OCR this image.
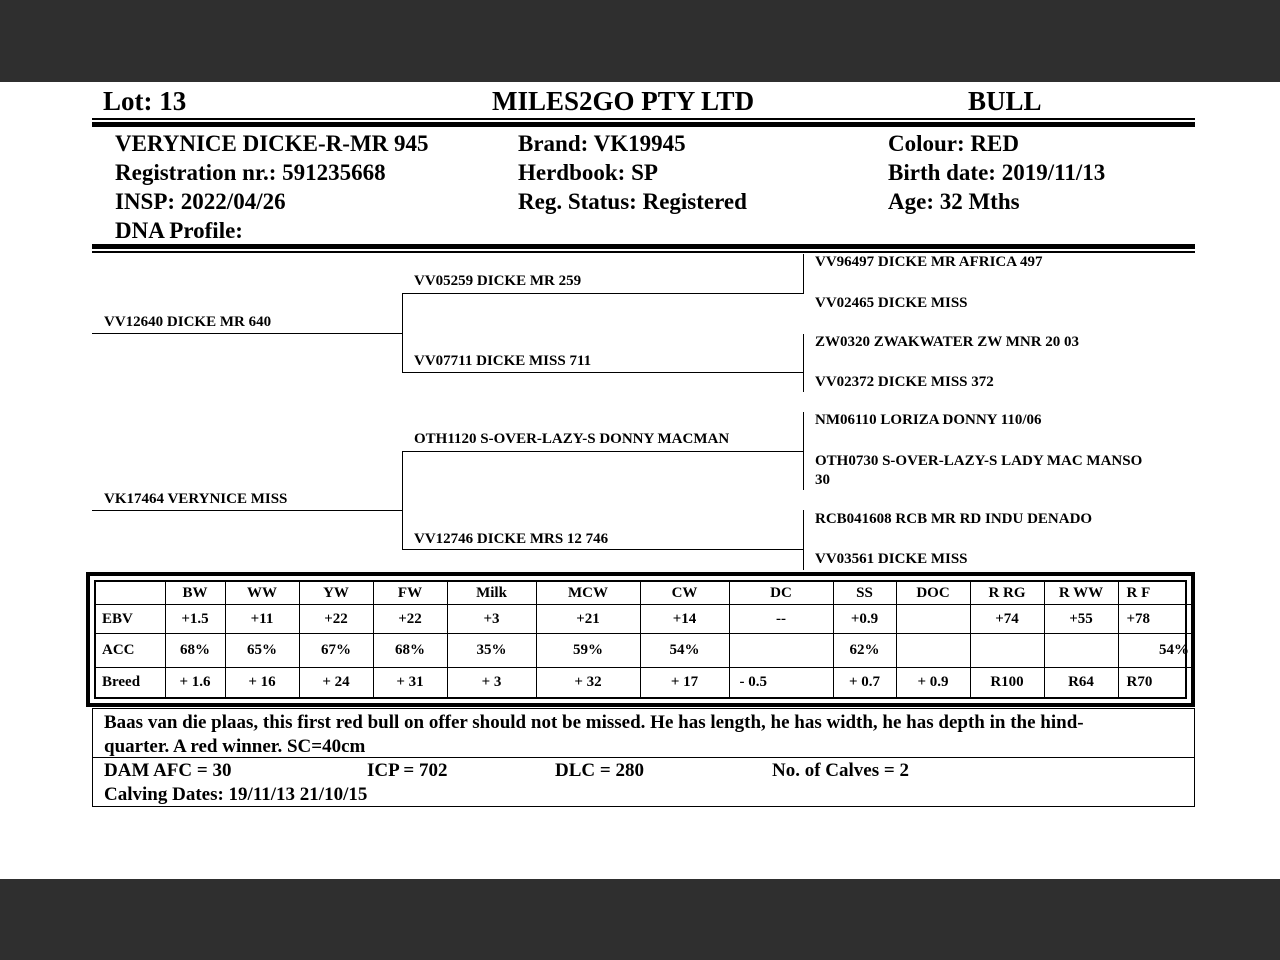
Lot: 13	MILES2GO PTY LTD	BULL
VERYNICE DICKE-R-MR 945
Registration nr.: 591235668
INSP: 2022/04/26
DNA Profile:
Brand: VK19945
Herdbook: SP
Reg. Status: Registered
Colour: RED
Birth date: 2019/11/13
Age: 32 Mths
VV12640 DICKE MR 640
VK17464 VERYNICE MISS
VV05259 DICKE MR 259
VV07711 DICKE MISS 711
OTH1120 S-OVER-LAZY-S DONNY MACMAN
VV12746 DICKE MRS 12 746
VV96497 DICKE MR AFRICA 497
VV02465 DICKE MISS
ZW0320 ZWAKWATER ZW MNR 20 03
VV02372 DICKE MISS 372
NM06110 LORIZA DONNY 110/06
OTH0730 S-OVER-LAZY-S LADY MAC MANSO
30
RCB041608 RCB MR RD INDU DENADO
VV03561 DICKE MISS
	BW	WW	YW	FW	Milk	MCW	CW	DC	SS	DOC	R RG	R WW	R F
EBV	+1.5	+11	+22	+22	+3	+21	+14	--	+0.9		+74	+55	+78
ACC	68%	65%	67%	68%	35%	59%	54%		62%				54%
Breed	+ 1.6	+ 16	+ 24	+ 31	+ 3	+ 32	+ 17	- 0.5	+ 0.7	+ 0.9	R100	R64	R70
Baas van die plaas, this first red bull on offer should not be missed. He has length, he has width, he has depth in the hind-
quarter. A red winner. SC=40cm
DAM AFC = 30	ICP = 702	DLC = 280	No. of Calves = 2
Calving Dates: 19/11/13 21/10/15
